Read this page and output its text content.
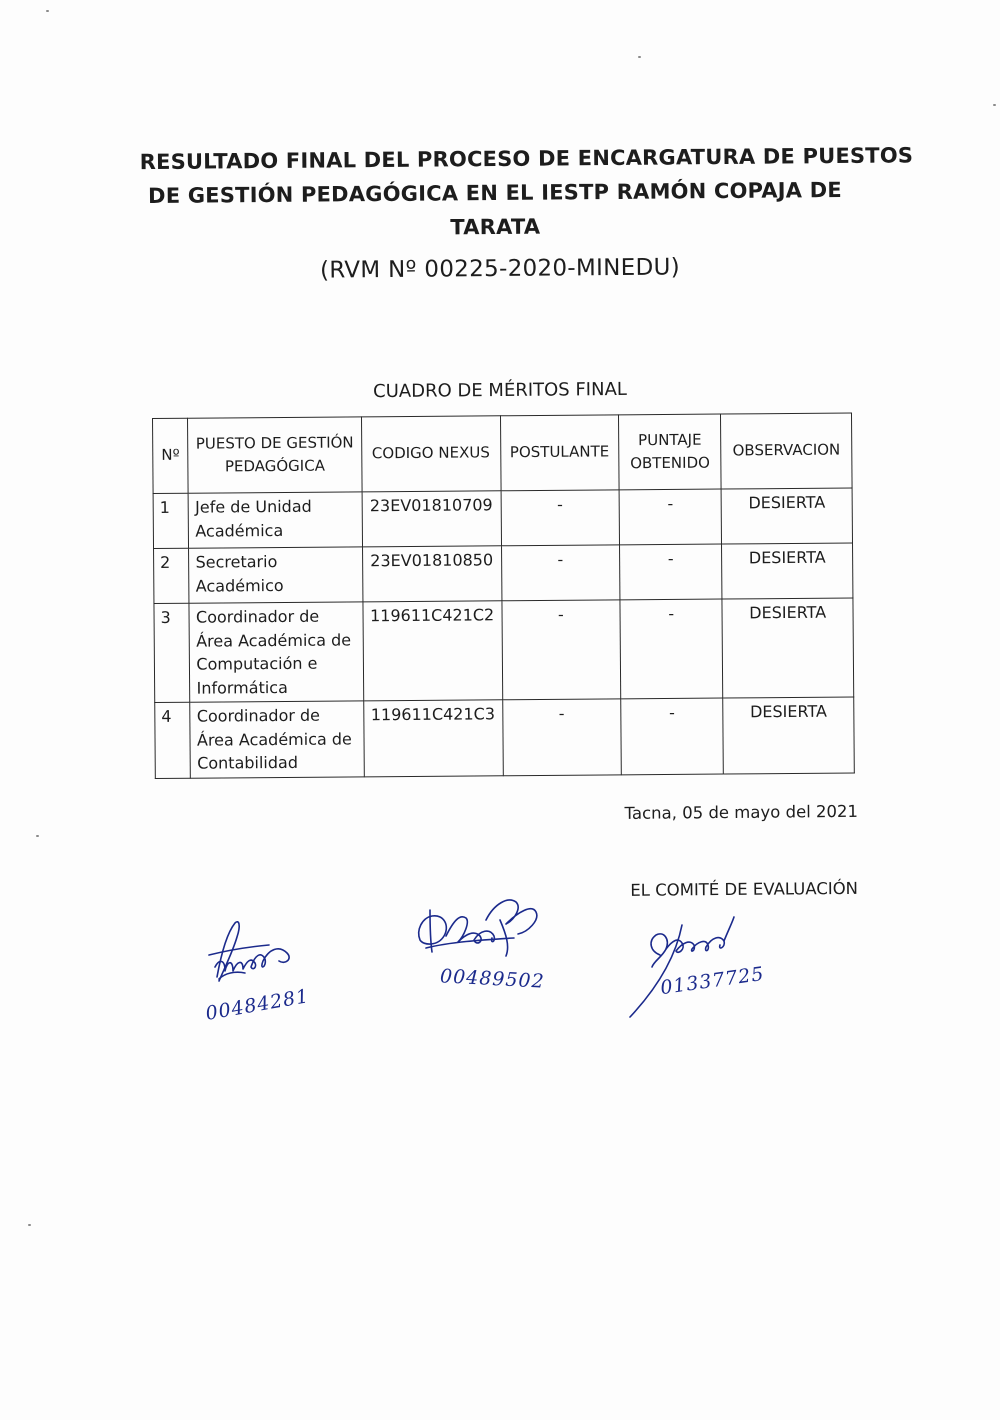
RESULTADO FINAL DEL PROCESO DE ENCARGATURA DE PUESTOS
DE GESTIÓN PEDAGÓGICA EN EL IESTP RAMÓN COPAJA DE
TARATA
(RVM Nº 00225-2020-MINEDU)
CUADRO DE MÉRITOS FINAL
Nº	PUESTO DE GESTIÓN PEDAGÓGICA	CODIGO NEXUS	POSTULANTE	PUNTAJE OBTENIDO	OBSERVACION
1	Jefe de Unidad Académica	23EV01810709	-	-	DESIERTA
2	Secretario Académico	23EV01810850	-	-	DESIERTA
3	Coordinador de Área Académica de Computación e Informática	119611C421C2	-	-	DESIERTA
4	Coordinador de Área Académica de Contabilidad	119611C421C3	-	-	DESIERTA
Tacna, 05 de mayo del 2021
EL COMITÉ DE EVALUACIÓN
00484281
00489502	01337725
